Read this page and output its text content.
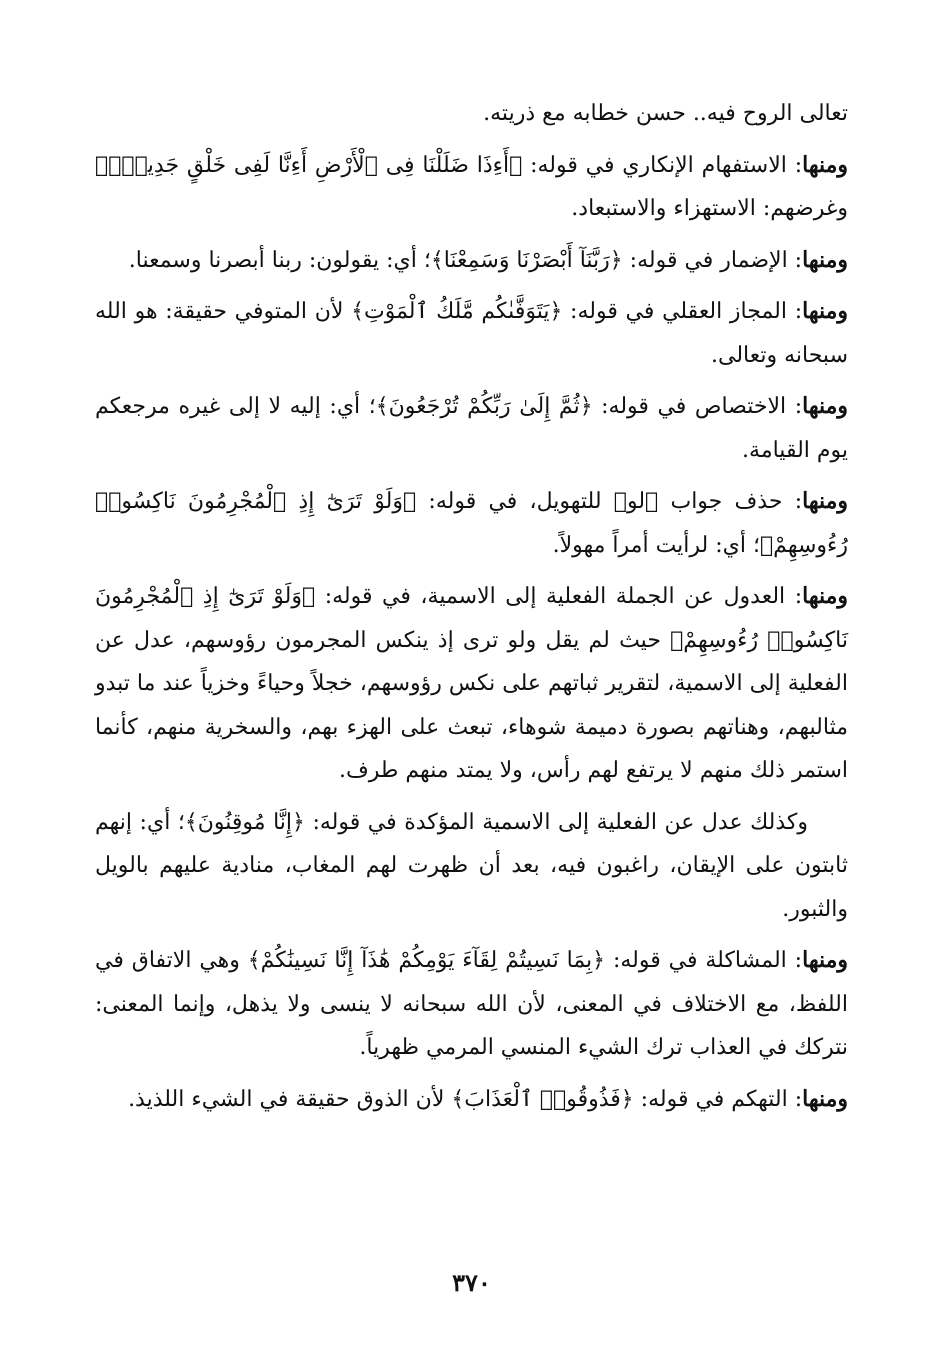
تعالى الروح فيه.. حسن خطابه مع ذريته.

ومنها: الاستفهام الإنكاري في قوله: ﴿أَءِذَا ضَلَلْنَا فِى ٱلْأَرْضِ أَءِنَّا لَفِى خَلْقٍ جَدِيدٍۭ﴾ وغرضهم: الاستهزاء والاستبعاد.

ومنها: الإضمار في قوله: ﴿رَبَّنَآ أَبْصَرْنَا وَسَمِعْنَا﴾؛ أي: يقولون: ربنا أبصرنا وسمعنا.

ومنها: المجاز العقلي في قوله: ﴿يَتَوَفَّىٰكُم مَّلَكُ ٱلْمَوْتِ﴾ لأن المتوفي حقيقة: هو الله سبحانه وتعالى.

ومنها: الاختصاص في قوله: ﴿ثُمَّ إِلَىٰ رَبِّكُمْ تُرْجَعُونَ﴾؛ أي: إليه لا إلى غيره مرجعكم يوم القيامة.

ومنها: حذف جواب ﴿لو﴾ للتهويل، في قوله: ﴿وَلَوْ تَرَىٰٓ إِذِ ٱلْمُجْرِمُونَ نَاكِسُوا۟ رُءُوسِهِمْ﴾؛ أي: لرأيت أمراً مهولاً.

ومنها: العدول عن الجملة الفعلية إلى الاسمية، في قوله: ﴿وَلَوْ تَرَىٰٓ إِذِ ٱلْمُجْرِمُونَ نَاكِسُوا۟ رُءُوسِهِمْ﴾ حيث لم يقل ولو ترى إذ ينكس المجرمون رؤوسهم، عدل عن الفعلية إلى الاسمية، لتقرير ثباتهم على نكس رؤوسهم، خجلاً وحياءً وخزياً عند ما تبدو مثالبهم، وهناتهم بصورة دميمة شوهاء، تبعث على الهزء بهم، والسخرية منهم، كأنما استمر ذلك منهم لا يرتفع لهم رأس، ولا يمتد منهم طرف.

وكذلك عدل عن الفعلية إلى الاسمية المؤكدة في قوله: ﴿إِنَّا مُوقِنُونَ﴾؛ أي: إنهم ثابتون على الإيقان، راغبون فيه، بعد أن ظهرت لهم المغاب، منادية عليهم بالويل والثبور.

ومنها: المشاكلة في قوله: ﴿بِمَا نَسِيتُمْ لِقَآءَ يَوْمِكُمْ هَٰذَآ إِنَّا نَسِينَٰكُمْ﴾ وهي الاتفاق في اللفظ، مع الاختلاف في المعنى، لأن الله سبحانه لا ينسى ولا يذهل، وإنما المعنى: نتركك في العذاب ترك الشيء المنسي المرمي ظهرياً.

ومنها: التهكم في قوله: ﴿فَذُوقُوا۟ ٱلْعَذَابَ﴾ لأن الذوق حقيقة في الشيء اللذيذ.

٣٧٠
